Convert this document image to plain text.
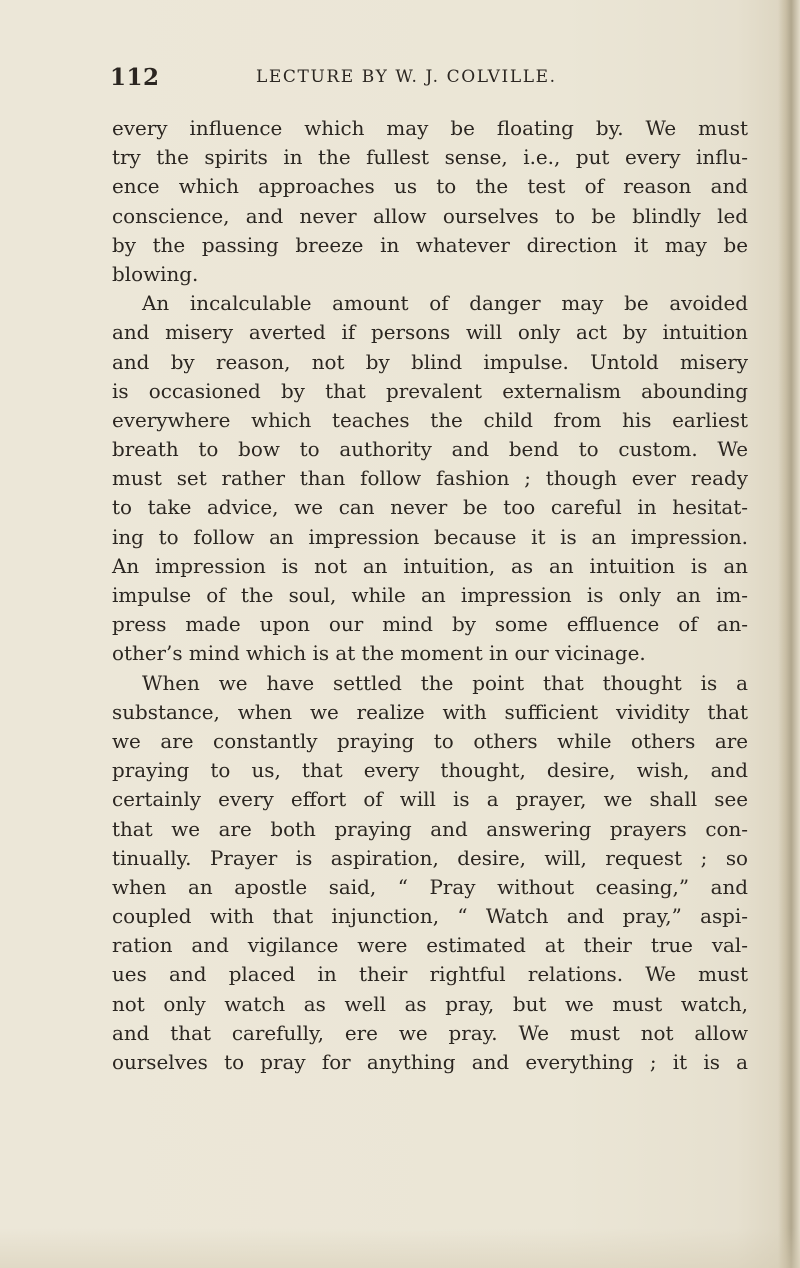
112	LECTURE BY W. J. COLVILLE.
every influence which may be floating by. We must
try the spirits in the fullest sense, i.e., put every influ-
ence which approaches us to the test of reason and
conscience, and never allow ourselves to be blindly led
by the passing breeze in whatever direction it may be
blowing.
An incalculable amount of danger may be avoided
and misery averted if persons will only act by intuition
and by reason, not by blind impulse. Untold misery
is occasioned by that prevalent externalism abounding
everywhere which teaches the child from his earliest
breath to bow to authority and bend to custom. We
must set rather than follow fashion ; though ever ready
to take advice, we can never be too careful in hesitat-
ing to follow an impression because it is an impression.
An impression is not an intuition, as an intuition is an
impulse of the soul, while an impression is only an im-
press made upon our mind by some effluence of an-
other’s mind which is at the moment in our vicinage.
When we have settled the point that thought is a
substance, when we realize with sufficient vividity that
we are constantly praying to others while others are
praying to us, that every thought, desire, wish, and
certainly every effort of will is a prayer, we shall see
that we are both praying and answering prayers con-
tinually. Prayer is aspiration, desire, will, request ; so
when an apostle said, “ Pray without ceasing,” and
coupled with that injunction, “ Watch and pray,” aspi-
ration and vigilance were estimated at their true val-
ues and placed in their rightful relations. We must
not only watch as well as pray, but we must watch,
and that carefully, ere we pray. We must not allow
ourselves to pray for anything and everything ; it is a
